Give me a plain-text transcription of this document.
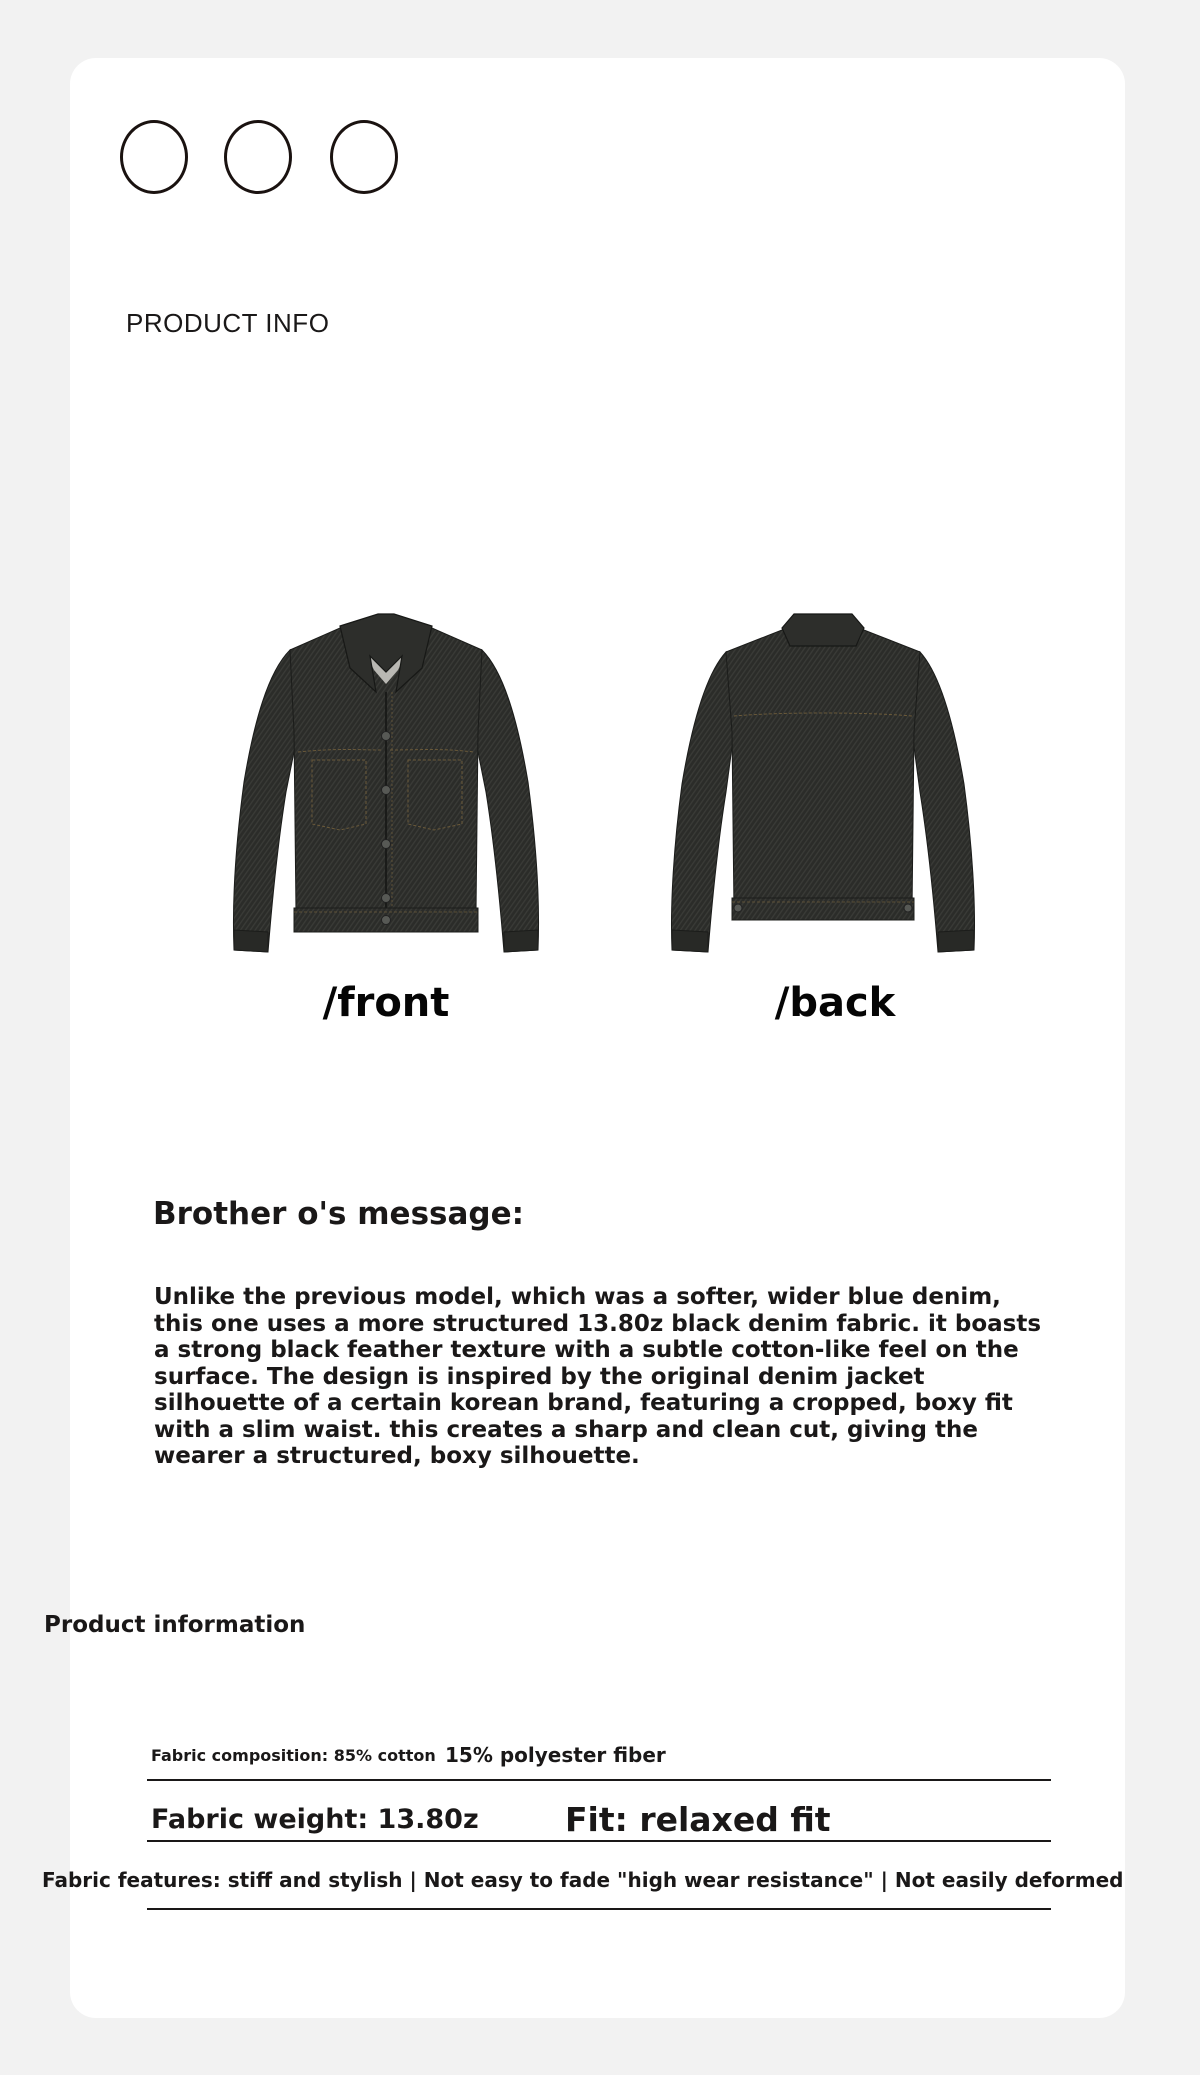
PRODUCT INFO
/front	/back
Brother o's message:
Unlike the previous model, which was a softer, wider blue denim, this one uses a more structured 13.80z black denim fabric. it boasts a strong black feather texture with a subtle cotton-like feel on the surface. The design is inspired by the original denim jacket silhouette of a certain korean brand, featuring a cropped, boxy fit with a slim waist. this creates a sharp and clean cut, giving the wearer a structured, boxy silhouette.
Product information
Fabric composition: 85% cotton 15% polyester fiber
Fabric weight: 13.80z	Fit: relaxed fit
Fabric features: stiff and stylish | Not easy to fade "high wear resistance" | Not easily deformed
